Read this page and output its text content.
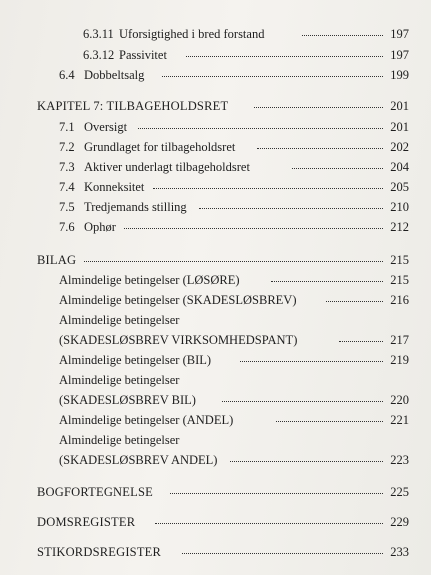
6.3.11 Uforsigtighed i bred forstand	197
6.3.12 Passivitet	197
6.4 Dobbeltsalg	199
KAPITEL 7: TILBAGEHOLDSRET	201
7.1 Oversigt	201
7.2 Grundlaget for tilbageholdsret	202
7.3 Aktiver underlagt tilbageholdsret	204
7.4 Konneksitet	205
7.5 Tredjemands stilling	210
7.6 Ophør	212
BILAG	215
Almindelige betingelser (LØSØRE)	215
Almindelige betingelser (SKADESLØSBREV)	216
Almindelige betingelser
(SKADESLØSBREV VIRKSOMHEDSPANT)	217
Almindelige betingelser (BIL)	219
Almindelige betingelser
(SKADESLØSBREV BIL)	220
Almindelige betingelser (ANDEL)	221
Almindelige betingelser
(SKADESLØSBREV ANDEL)	223
BOGFORTEGNELSE	225
DOMSREGISTER	229
STIKORDSREGISTER	233
